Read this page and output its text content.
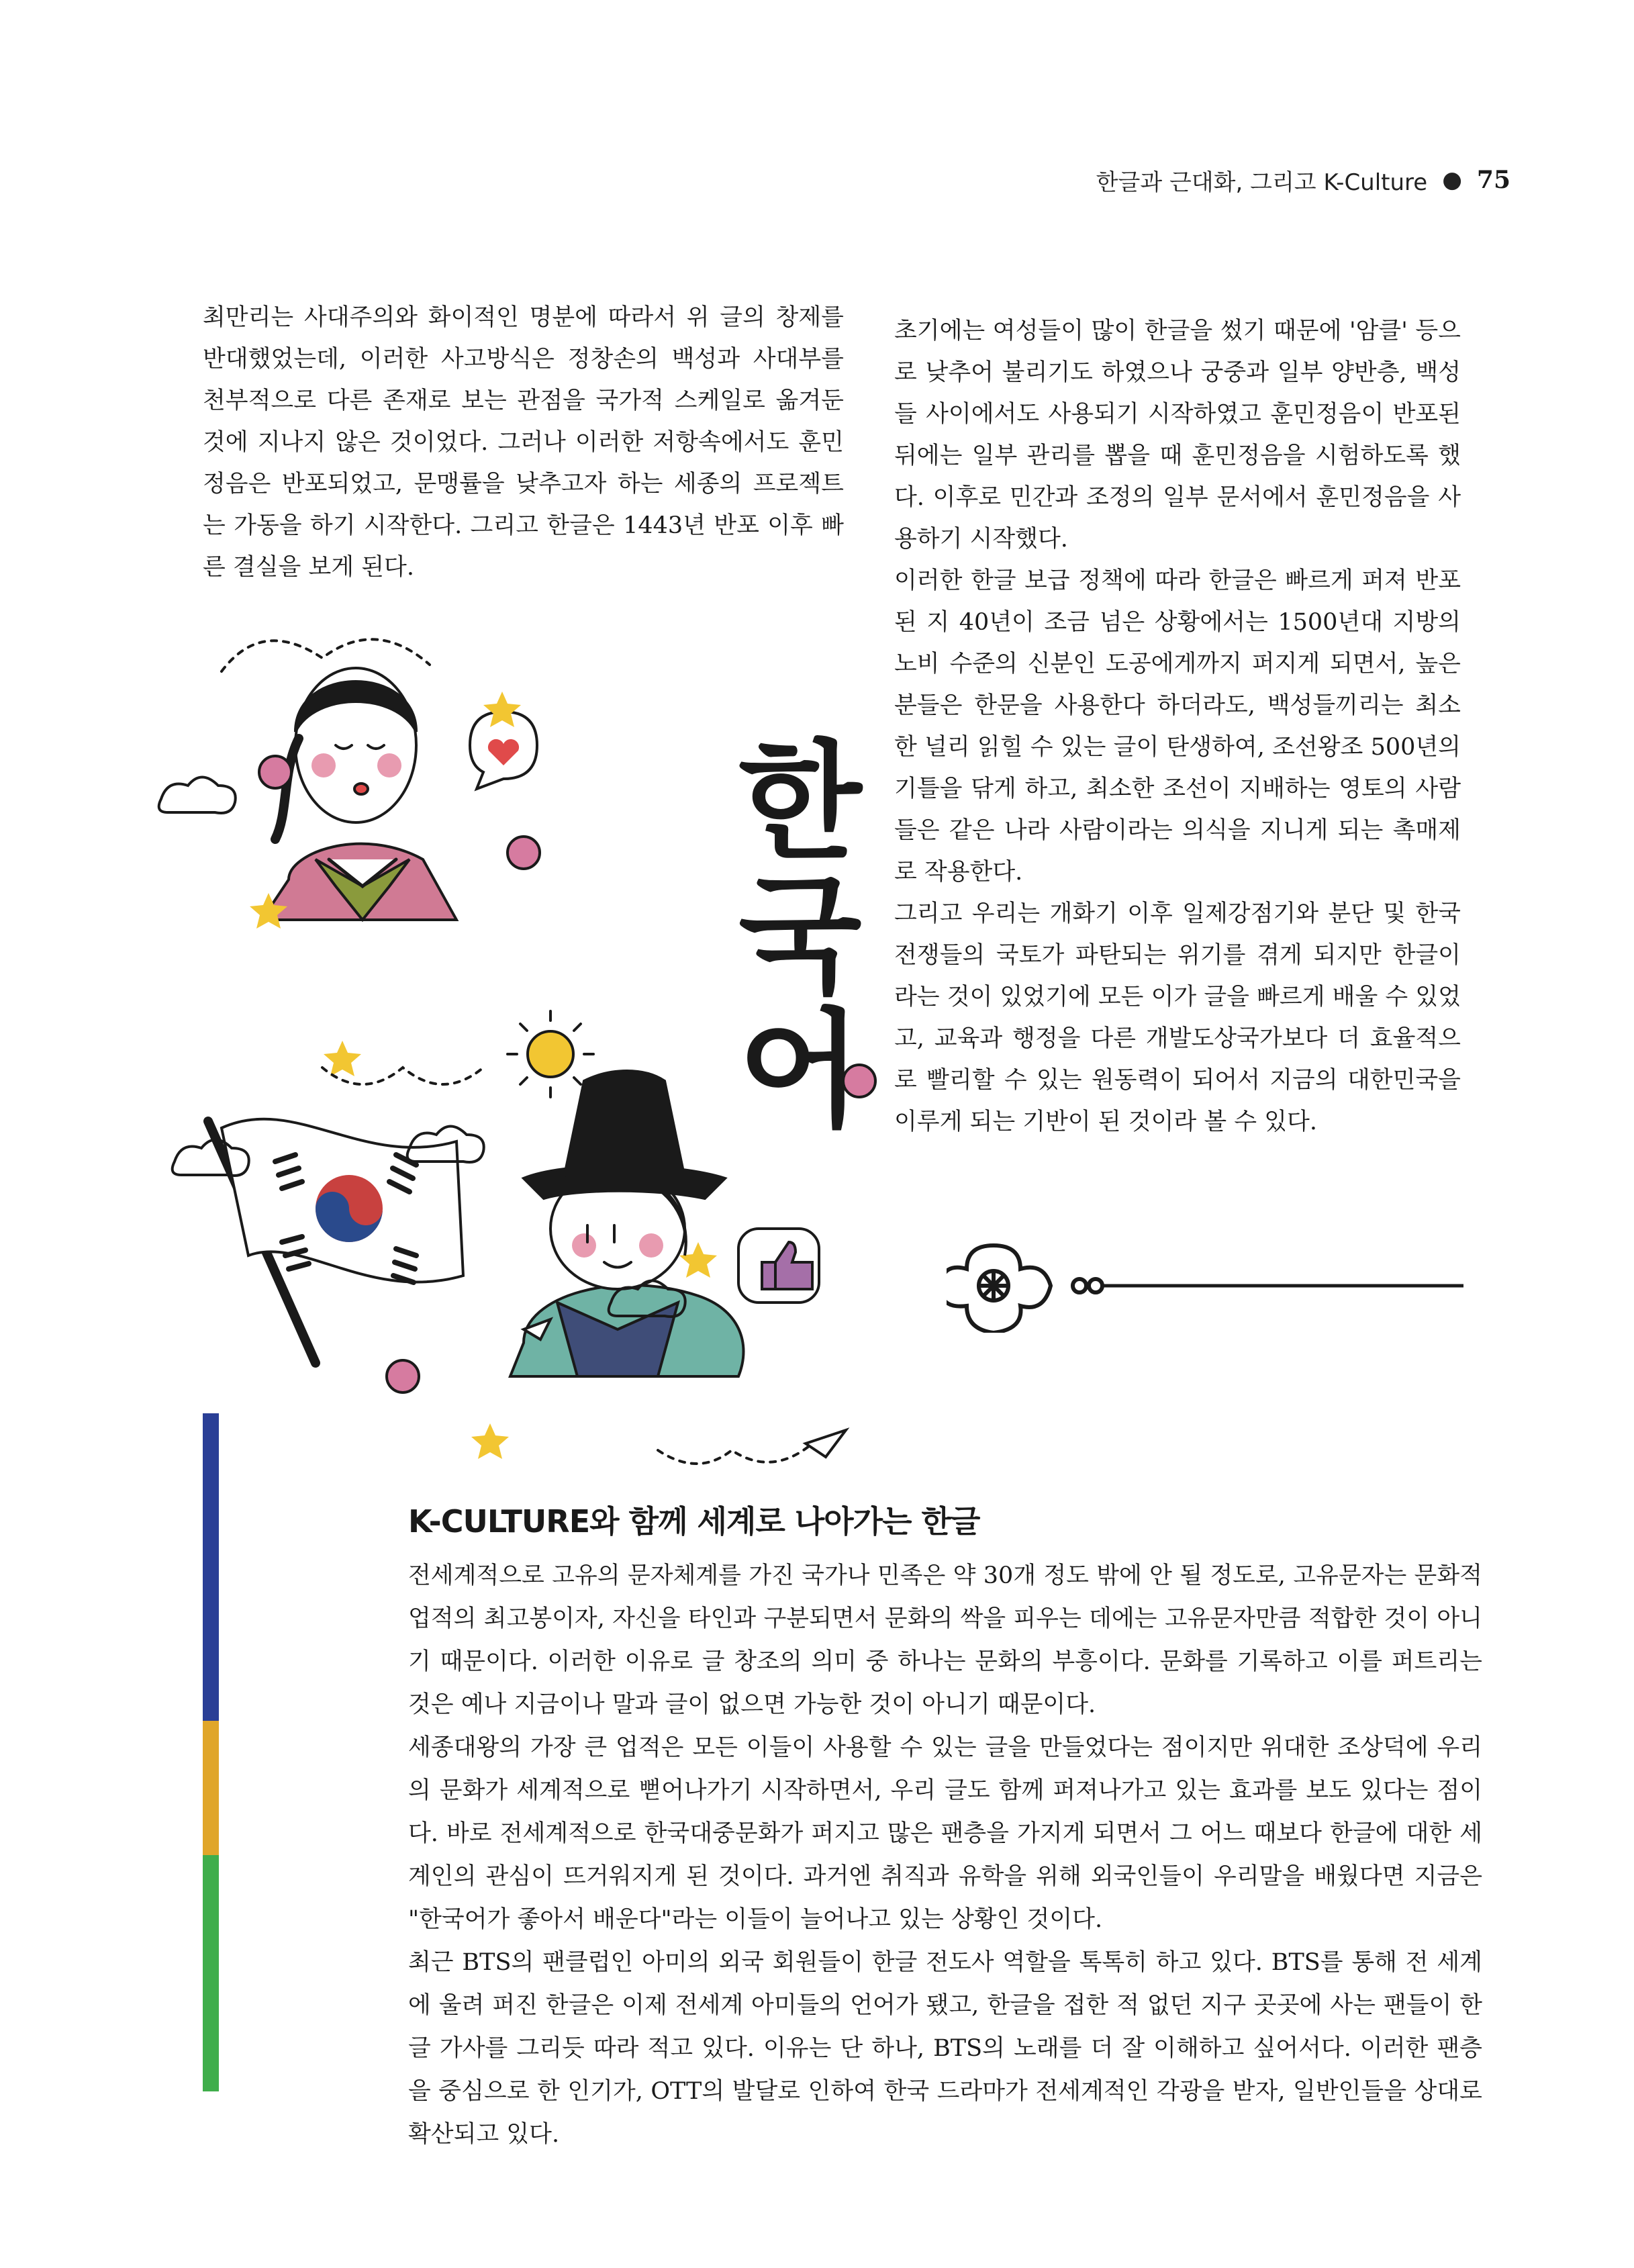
한글과 근대화, 그리고 K-Culture ● 75

최만리는 사대주의와 화이적인 명분에 따라서 위 글의 창제를 반대했었는데, 이러한 사고방식은 정창손의 백성과 사대부를 천부적으로 다른 존재로 보는 관점을 국가적 스케일로 옮겨둔 것에 지나지 않은 것이었다. 그러나 이러한 저항속에서도 훈민정음은 반포되었고, 문맹률을 낮추고자 하는 세종의 프로젝트는 가동을 하기 시작한다. 그리고 한글은 1443년 반포 이후 빠른 결실을 보게 된다.

초기에는 여성들이 많이 한글을 썼기 때문에 '암클' 등으로 낮추어 불리기도 하였으나 궁중과 일부 양반층, 백성들 사이에서도 사용되기 시작하였고 훈민정음이 반포된 뒤에는 일부 관리를 뽑을 때 훈민정음을 시험하도록 했다. 이후로 민간과 조정의 일부 문서에서 훈민정음을 사용하기 시작했다.

이러한 한글 보급 정책에 따라 한글은 빠르게 퍼져 반포된 지 40년이 조금 넘은 상황에서는 1500년대 지방의 노비 수준의 신분인 도공에게까지 퍼지게 되면서, 높은 분들은 한문을 사용한다 하더라도, 백성들끼리는 최소한 널리 읽힐 수 있는 글이 탄생하여, 조선왕조 500년의 기틀을 닦게 하고, 최소한 조선이 지배하는 영토의 사람들은 같은 나라 사람이라는 의식을 지니게 되는 촉매제로 작용한다.

그리고 우리는 개화기 이후 일제강점기와 분단 및 한국전쟁들의 국토가 파탄되는 위기를 겪게 되지만 한글이라는 것이 있었기에 모든 이가 글을 빠르게 배울 수 있었고, 교육과 행정을 다른 개발도상국가보다 더 효율적으로 빨리할 수 있는 원동력이 되어서 지금의 대한민국을 이루게 되는 기반이 된 것이라 볼 수 있다.

한
국
어
K-CULTURE와 함께 세계로 나아가는 한글

전세계적으로 고유의 문자체계를 가진 국가나 민족은 약 30개 정도 밖에 안 될 정도로, 고유문자는 문화적 업적의 최고봉이자, 자신을 타인과 구분되면서 문화의 싹을 피우는 데에는 고유문자만큼 적합한 것이 아니기 때문이다. 이러한 이유로 글 창조의 의미 중 하나는 문화의 부흥이다. 문화를 기록하고 이를 퍼트리는 것은 예나 지금이나 말과 글이 없으면 가능한 것이 아니기 때문이다.

세종대왕의 가장 큰 업적은 모든 이들이 사용할 수 있는 글을 만들었다는 점이지만 위대한 조상덕에 우리의 문화가 세계적으로 뻗어나가기 시작하면서, 우리 글도 함께 퍼져나가고 있는 효과를 보도 있다는 점이다. 바로 전세계적으로 한국대중문화가 퍼지고 많은 팬층을 가지게 되면서 그 어느 때보다 한글에 대한 세계인의 관심이 뜨거워지게 된 것이다. 과거엔 취직과 유학을 위해 외국인들이 우리말을 배웠다면 지금은 "한국어가 좋아서 배운다"라는 이들이 늘어나고 있는 상황인 것이다.

최근 BTS의 팬클럽인 아미의 외국 회원들이 한글 전도사 역할을 톡톡히 하고 있다. BTS를 통해 전 세계에 울려 퍼진 한글은 이제 전세계 아미들의 언어가 됐고, 한글을 접한 적 없던 지구 곳곳에 사는 팬들이 한글 가사를 그리듯 따라 적고 있다. 이유는 단 하나, BTS의 노래를 더 잘 이해하고 싶어서다. 이러한 팬층을 중심으로 한 인기가, OTT의 발달로 인하여 한국 드라마가 전세계적인 각광을 받자, 일반인들을 상대로 확산되고 있다.
